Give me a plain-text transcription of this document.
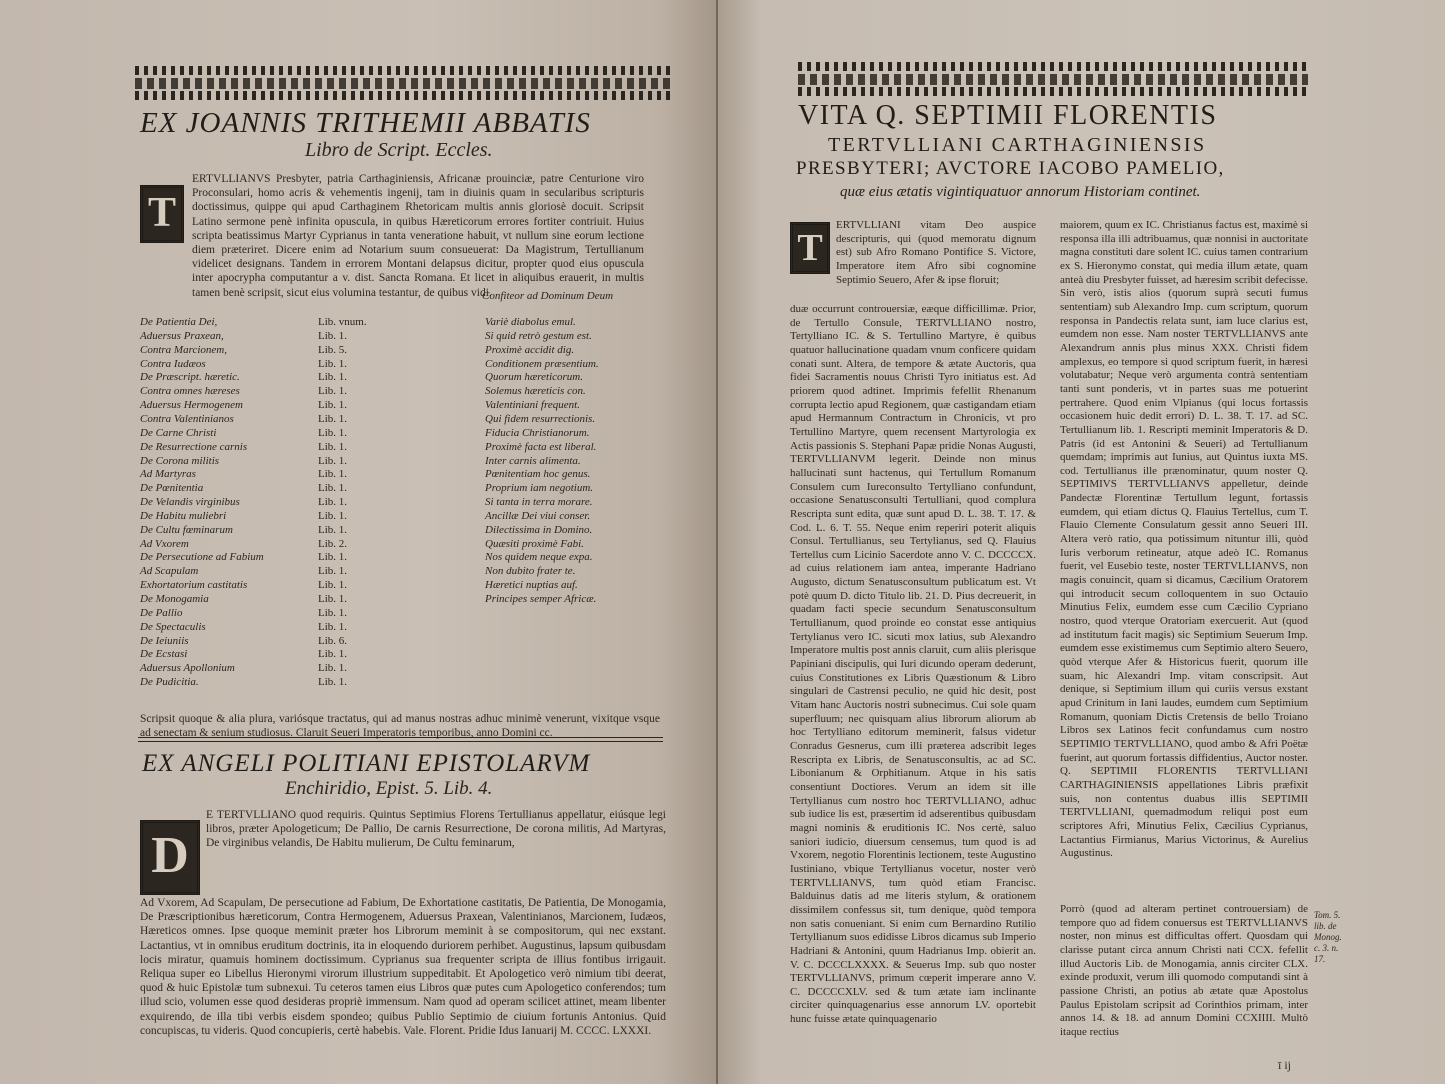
EX JOANNIS TRITHEMII ABBATIS
Libro de Script. Eccles.
T
ERTVLLIANVS Presbyter, patria Carthaginiensis, Africanæ prouinciæ, patre Centurione viro Proconsulari, homo acris & vehementis ingenij, tam in diuinis quam in secularibus scripturis doctissimus, quippe qui apud Carthaginem Rhetoricam multis annis gloriosè docuit. Scripsit Latino sermone penè infinita opuscula, in quibus Hæreticorum errores fortiter contriuit. Huius scripta beatissimus Martyr Cyprianus in tanta veneratione habuit, vt nullum sine eorum lectione diem præteriret. Dicere enim ad Notarium suum consueuerat: Da Magistrum, Tertullianum videlicet designans. Tandem in errorem Montani delapsus dicitur, propter quod eius opuscula inter apocrypha computantur a v. dist. Sancta Romana. Et licet in aliquibus erauerit, in multis tamen benè scripsit, sicut eius volumina testantur, de quibus vidi.
Confiteor ad Dominum Deum
De Patientia Dei,	Lib. vnum.	Variè diabolus emul.
Aduersus Praxean,	Lib. 1.	Si quid retrò gestum est.
Contra Marcionem,	Lib. 5.	Proximè accidit dig.
Contra Iudæos	Lib. 1.	Conditionem præsentium.
De Præscript. hæretic.	Lib. 1.	Quorum hæreticorum.
Contra omnes hæreses	Lib. 1.	Solemus hæreticis con.
Aduersus Hermogenem	Lib. 1.	Valentiniani frequent.
Contra Valentinianos	Lib. 1.	Qui fidem resurrectionis.
De Carne Christi	Lib. 1.	Fiducia Christianorum.
De Resurrectione carnis	Lib. 1.	Proximè facta est liberal.
De Corona militis	Lib. 1.	Inter carnis alimenta.
Ad Martyras	Lib. 1.	Pœnitentiam hoc genus.
De Pœnitentia	Lib. 1.	Proprium iam negotium.
De Velandis virginibus	Lib. 1.	Si tanta in terra morare.
De Habitu muliebri	Lib. 1.	Ancillæ Dei viui conser.
De Cultu fœminarum	Lib. 1.	Dilectissima in Domino.
Ad Vxorem	Lib. 2.	Quæsiti proximè Fabi.
De Persecutione ad Fabium	Lib. 1.	Nos quidem neque expa.
Ad Scapulam	Lib. 1.	Non dubito frater te.
Exhortatorium castitatis	Lib. 1.	Hæretici nuptias auf.
De Monogamia	Lib. 1.	Principes semper Africæ.
De Pallio	Lib. 1.
De Spectaculis	Lib. 1.
De Ieiuniis	Lib. 6.
De Ecstasi	Lib. 1.
Aduersus Apollonium	Lib. 1.
De Pudicitia.	Lib. 1.
Scripsit quoque & alia plura, variósque tractatus, qui ad manus nostras adhuc minimè venerunt, vixitque vsque ad senectam & senium studiosus. Claruit Seueri Imperatoris temporibus, anno Domini cc.
EX ANGELI POLITIANI EPISTOLARVM
Enchiridio, Epist. 5. Lib. 4.
D
E TERTVLLIANO quod requiris. Quintus Septimius Florens Tertullianus appellatur, eiúsque legi libros, præter Apologeticum; De Pallio, De carnis Resurrectione, De corona militis, Ad Martyras, De virginibus velandis, De Habitu mulierum, De Cultu feminarum,
Ad Vxorem, Ad Scapulam, De persecutione ad Fabium, De Exhortatione castitatis, De Patientia, De Monogamia, De Præscriptionibus hæreticorum, Contra Hermogenem, Aduersus Praxean, Valentinianos, Marcionem, Iudæos, Hæreticos omnes. Ipse quoque meminit præter hos Librorum meminit à se compositorum, qui nec exstant. Lactantius, vt in omnibus eruditum doctrinis, ita in eloquendo duriorem perhibet. Augustinus, lapsum quibusdam locis miratur, quamuis hominem doctissimum. Cyprianus sua frequenter scripta de illius fontibus irrigauit. Reliqua super eo Libellus Hieronymi virorum illustrium suppeditabit. Et Apologetico verò nimium tibi deerat, quod & huic Epistolæ tum subnexui. Tu ceteros tamen eius Libros quæ putes cum Apologetico conferendos; tum illud scio, volumen esse quod desideras propriè immensum. Nam quod ad operam scilicet attinet, meam libenter exquirendo, de illa tibi verbis eisdem spondeo; quibus Publio Septimio de ciuium fortunis Antonius. Quid concupiscas, tu videris. Quod concupieris, certè habebis. Vale. Florent. Pridie Idus Ianuarij M. CCCC. LXXXI.
VITA Q. SEPTIMII FLORENTIS
TERTVLLIANI CARTHAGINIENSIS
PRESBYTERI; AVCTORE IACOBO PAMELIO,
quæ eius ætatis vigintiquatuor annorum Historiam continet.
T
ERTVLLIANI vitam Deo auspice descripturis, qui (quod memoratu dignum est) sub Afro Romano Pontifice S. Victore, Imperatore item Afro sibi cognomine Septimio Seuero, Afer & ipse floruit;
duæ occurrunt controuersiæ, eæque difficillimæ. Prior, de Tertullo Consule, TERTVLLIANO nostro, Tertylliano IC. & S. Tertullino Martyre, è quibus quatuor hallucinatione quadam vnum conficere quidam conati sunt. Altera, de tempore & ætate Auctoris, qua fidei Sacramentis nouus Christi Tyro initiatus est. Ad priorem quod adtinet. Imprimis fefellit Rhenanum corrupta lectio apud Regionem, quæ castigandam etiam apud Hermannum Contractum in Chronicis, vt pro Tertullino Martyre, quem recensent Martyrologia ex Actis passionis S. Stephani Papæ pridie Nonas Augusti, TERTVLLIANVM legerit. Deinde non minus hallucinati sunt hactenus, qui Tertullum Romanum Consulem cum Iureconsulto Tertylliano confundunt, occasione Senatusconsulti Tertulliani, quod complura Rescripta sunt edita, quæ sunt apud D. L. 38. T. 17. & Cod. L. 6. T. 55. Neque enim reperiri poterit aliquis Consul. Tertullianus, seu Tertylianus, sed Q. Flauius Tertellus cum Licinio Sacerdote anno V. C. DCCCCX. ad cuius relationem iam antea, imperante Hadriano Augusto, dictum Senatusconsultum publicatum est. Vt potè quum D. dicto Titulo lib. 21. D. Pius decreuerit, in quadam facti specie secundum Senatusconsultum Tertullianum, quod proinde eo constat esse antiquius Tertylianus vero IC. sicuti mox latius, sub Alexandro Imperatore multis post annis claruit, cum aliis plerisque Papiniani discipulis, qui Iuri dicundo operam dederunt, cuius Constitutiones ex Libris Quæstionum & Libro singulari de Castrensi peculio, ne quid hic desit, post Vitam hanc Auctoris nostri subnecimus. Cui sole quam superfluum; nec quisquam alius librorum aliorum ab hoc Tertylliano editorum meminerit, falsus videtur Conradus Gesnerus, cum illi præterea adscribit leges Rescripta ex Libris, de Senatusconsultis, ac ad SC. Libonianum & Orphitianum. Atque in his satis consentiunt Doctiores. Verum an idem sit ille Tertyllianus cum nostro hoc TERTVLLIANO, adhuc sub iudice lis est, præsertim id adserentibus quibusdam magni nominis & eruditionis IC. Nos certè, saluo saniori iudicio, diuersum censemus, tum quod is ad Vxorem, negotio Florentinis lectionem, teste Augustino Iustiniano, vbique Tertyllianus vocetur, noster verò TERTVLLIANVS, tum quòd etiam Francisc. Balduinus datis ad me literis stylum, & orationem dissimilem confessus sit, tum denique, quòd tempora non satis conueniant. Si enim cum Bernardino Rutilio Tertyllianum suos edidisse Libros dicamus sub Imperio Hadriani & Antonini, quum Hadrianus Imp. obierit an. V. C. DCCCLXXXX. & Seuerus Imp. sub quo noster TERTVLLIANVS, primum cœperit imperare anno V. C. DCCCCXLV. sed & tum ætate iam inclinante circiter quinquagenarius esse annorum LV. oportebit hunc fuisse ætate quinquagenario
maiorem, quum ex IC. Christianus factus est, maximè si responsa illa illi adtribuamus, quæ nonnisi in auctoritate magna constituti dare solent IC. cuius tamen contrarium ex S. Hieronymo constat, qui media illum ætate, quam anteà diu Presbyter fuisset, ad hæresim scribit defecisse. Sin verò, istis alios (quorum suprà secuti fumus sententiam) sub Alexandro Imp. cum scriptum, quorum responsa in Pandectis relata sunt, iam luce clarius est, eumdem non esse. Nam noster TERTVLLIANVS ante Alexandrum annis plus minus XXX. Christi fidem amplexus, eo tempore si quod scriptum fuerit, in hæresi volutabatur; Neque verò argumenta contrà sententiam tanti sunt ponderis, vt in partes suas me potuerint pertrahere. Quod enim Vlpianus (qui locus fortassis occasionem huic dedit errori) D. L. 38. T. 17. ad SC. Tertullianum lib. 1. Rescripti meminit Imperatoris & D. Patris (id est Antonini & Seueri) ad Tertullianum quemdam; imprimis aut Iunius, aut Quintus iuxta MS. cod. Tertullianus ille prænominatur, quum noster Q. SEPTIMIVS TERTVLLIANVS appelletur, deinde Pandectæ Florentinæ Tertullum legunt, fortassis eumdem, qui etiam dictus Q. Flauius Tertellus, cum T. Flauio Clemente Consulatum gessit anno Seueri III. Altera verò ratio, qua potissimum nituntur illi, quòd Iuris verborum retineatur, atque adeò IC. Romanus fuerit, vel Eusebio teste, noster TERTVLLIANVS, non magis conuincit, quam si dicamus, Cæcilium Oratorem qui introducit secum colloquentem in suo Octauio Minutius Felix, eumdem esse cum Cæcilio Cypriano nostro, quod vterque Oratoriam exercuerit. Aut (quod ad institutum facit magis) sic Septimium Seuerum Imp. eumdem esse existimemus cum Septimio altero Seuero, quòd vterque Afer & Historicus fuerit, quorum ille suam, hic Alexandri Imp. vitam conscripsit. Aut denique, si Septimium illum qui curiis versus exstant apud Crinitum in Iani laudes, eumdem cum Septimium Romanum, quoniam Dictis Cretensis de bello Troiano Libros sex Latinos fecit confundamus cum nostro SEPTIMIO TERTVLLIANO, quod ambo & Afri Poëtæ fuerint, aut quorum fortassis diffidentius, Auctor noster. Q. SEPTIMII FLORENTIS TERTVLLIANI CARTHAGINIENSIS appellationes Libris præfixit suis, non contentus duabus illis SEPTIMII TERTVLLIANI, quemadmodum reliqui post eum scriptores Afri, Minutius Felix, Cæcilius Cyprianus, Lactantius Firmianus, Marius Victorinus, & Aurelius Augustinus.
Porrò (quod ad alteram pertinet controuersiam) de tempore quo ad fidem conuersus est TERTVLLIANVS noster, non minus est difficultas offert. Quosdam qui clarisse putant circa annum Christi nati CCX. fefellit illud Auctoris Lib. de Monogamia, annis circiter CLX. exinde produxit, verum illi quomodo computandi sint à passione Christi, an potius ab ætate quæ Apostolus Paulus Epistolam scripsit ad Corinthios primam, inter annos 14. & 18. ad annum Domini CCXIIII. Multò itaque rectius
Tom. 5. lib. de Monog. c. 3. n. 17.
ī ij
